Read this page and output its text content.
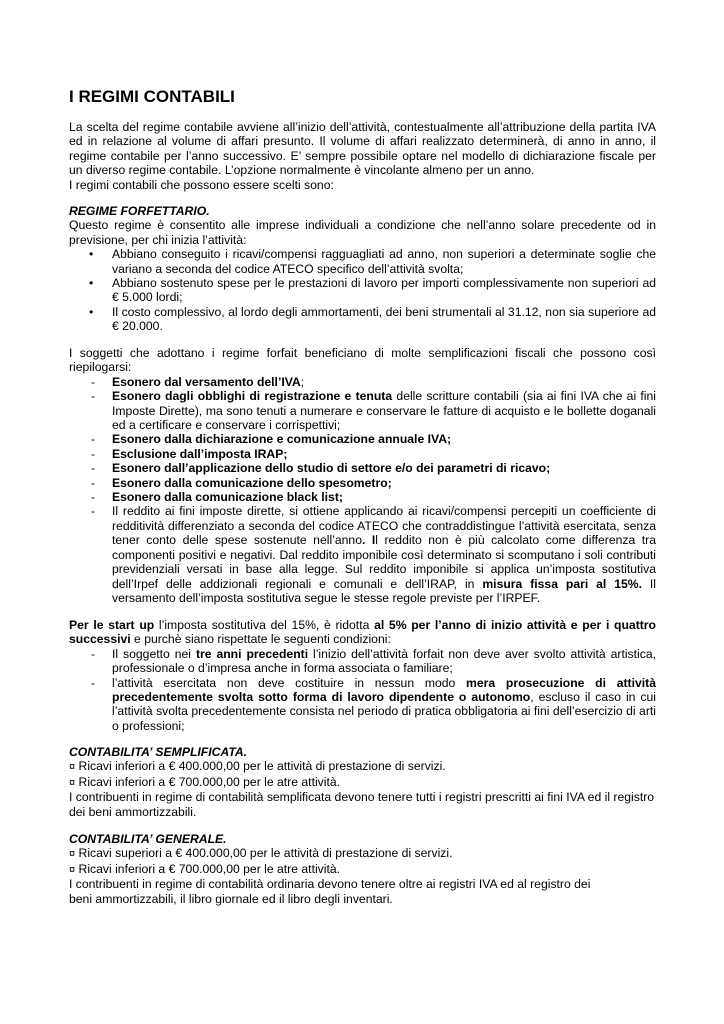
I REGIMI CONTABILI

La scelta del regime contabile avviene all’inizio dell’attività, contestualmente all’attribuzione della partita IVA ed in relazione al volume di affari presunto. Il volume di affari realizzato determinerà, di anno in anno, il regime contabile per l’anno successivo. E’ sempre possibile optare nel modello di dichiarazione fiscale per un diverso regime contabile. L’opzione normalmente è vincolante almeno per un anno.

I regimi contabili che possono essere scelti sono:

REGIME FORFETTARIO.

Questo regime è consentito alle imprese individuali a condizione che nell’anno solare precedente od in previsione, per chi inizia l’attività:

• Abbiano conseguito i ricavi/compensi ragguagliati ad anno, non superiori a determinate soglie che variano a seconda del codice ATECO specifico dell’attività svolta;
• Abbiano sostenuto spese per le prestazioni di lavoro per importi complessivamente non superiori ad € 5.000 lordi;
• Il costo complessivo, al lordo degli ammortamenti, dei beni strumentali al 31.12, non sia superiore ad € 20.000.

I soggetti che adottano i regime forfait beneficiano di molte semplificazioni fiscali che possono così riepilogarsi:

- Esonero dal versamento dell’IVA;
- Esonero dagli obblighi di registrazione e tenuta delle scritture contabili (sia ai fini IVA che ai fini Imposte Dirette), ma sono tenuti a numerare e conservare le fatture di acquisto e le bollette doganali ed a certificare e conservare i corrispettivi;
- Esonero dalla dichiarazione e comunicazione annuale IVA;
- Esclusione dall’imposta IRAP;
- Esonero dall’applicazione dello studio di settore e/o dei parametri di ricavo;
- Esonero dalla comunicazione dello spesometro;
- Esonero dalla comunicazione black list;
- Il reddito ai fini imposte dirette, si ottiene applicando ai ricavi/compensi percepiti un coefficiente di redditività differenziato a seconda del codice ATECO che contraddistingue l’attività esercitata, senza tener conto delle spese sostenute nell’anno. Il reddito non è più calcolato come differenza tra componenti positivi e negativi. Dal reddito imponibile così determinato si scomputano i soli contributi previdenziali versati in base alla legge. Sul reddito imponibile si applica un’imposta sostitutiva dell’Irpef delle addizionali regionali e comunali e dell’IRAP, in misura fissa pari al 15%. Il versamento dell’imposta sostitutiva segue le stesse regole previste per l’IRPEF.

Per le start up l’imposta sostitutiva del 15%, è ridotta al 5% per l’anno di inizio attività e per i quattro successivi e purchè siano rispettate le seguenti condizioni:

- Il soggetto nei tre anni precedenti l’inizio dell’attività forfait non deve aver svolto attività artistica, professionale o d’impresa anche in forma associata o familiare;
- l’attività esercitata non deve costituire in nessun modo mera prosecuzione di attività precedentemente svolta sotto forma di lavoro dipendente o autonomo, escluso il caso in cui l’attività svolta precedentemente consista nel periodo di pratica obbligatoria ai fini dell’esercizio di arti o professioni;

CONTABILITA’ SEMPLIFICATA.

¤ Ricavi inferiori a € 400.000,00 per le attività di prestazione di servizi.

¤ Ricavi inferiori a € 700.000,00 per le atre attività.

I contribuenti in regime di contabilità semplificata devono tenere tutti i registri prescritti ai fini IVA ed il registro dei beni ammortizzabili.

CONTABILITA’ GENERALE.

¤ Ricavi superiori a € 400.000,00 per le attività di prestazione di servizi.

¤ Ricavi inferiori a € 700.000,00 per le atre attività.

I contribuenti in regime di contabilità ordinaria devono tenere oltre ai registri IVA ed al registro dei

beni ammortizzabili, il libro giornale ed il libro degli inventari.
